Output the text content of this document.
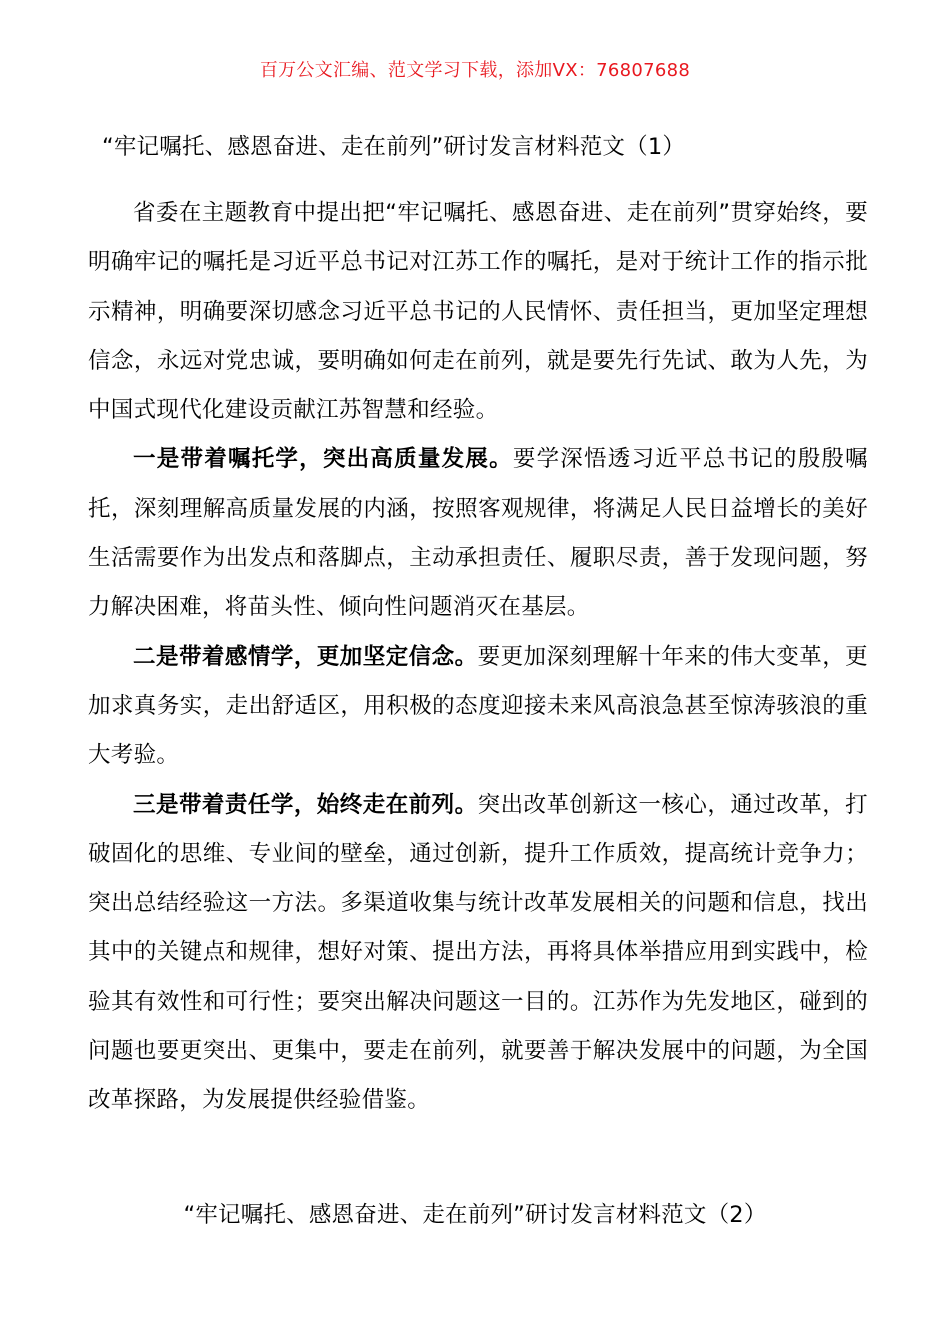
百万公文汇编、范文学习下载，添加VX：76807688
“牢记嘱托、感恩奋进、走在前列”研讨发言材料范文（1）

省委在主题教育中提出把“牢记嘱托、感恩奋进、走在前列”贯穿始终，要明确牢记的嘱托是习近平总书记对江苏工作的嘱托，是对于统计工作的指示批示精神，明确要深切感念习近平总书记的人民情怀、责任担当，更加坚定理想信念，永远对党忠诚，要明确如何走在前列，就是要先行先试、敢为人先，为中国式现代化建设贡献江苏智慧和经验。

一是带着嘱托学，突出高质量发展。要学深悟透习近平总书记的殷殷嘱托，深刻理解高质量发展的内涵，按照客观规律，将满足人民日益增长的美好生活需要作为出发点和落脚点，主动承担责任、履职尽责，善于发现问题，努力解决困难，将苗头性、倾向性问题消灭在基层。

二是带着感情学，更加坚定信念。要更加深刻理解十年来的伟大变革，更加求真务实，走出舒适区，用积极的态度迎接未来风高浪急甚至惊涛骇浪的重大考验。

三是带着责任学，始终走在前列。突出改革创新这一核心，通过改革，打破固化的思维、专业间的壁垒，通过创新，提升工作质效，提高统计竞争力；突出总结经验这一方法。多渠道收集与统计改革发展相关的问题和信息，找出其中的关键点和规律，想好对策、提出方法，再将具体举措应用到实践中，检验其有效性和可行性；要突出解决问题这一目的。江苏作为先发地区，碰到的问题也要更突出、更集中，要走在前列，就要善于解决发展中的问题，为全国改革探路，为发展提供经验借鉴。

“牢记嘱托、感恩奋进、走在前列”研讨发言材料范文（2）
